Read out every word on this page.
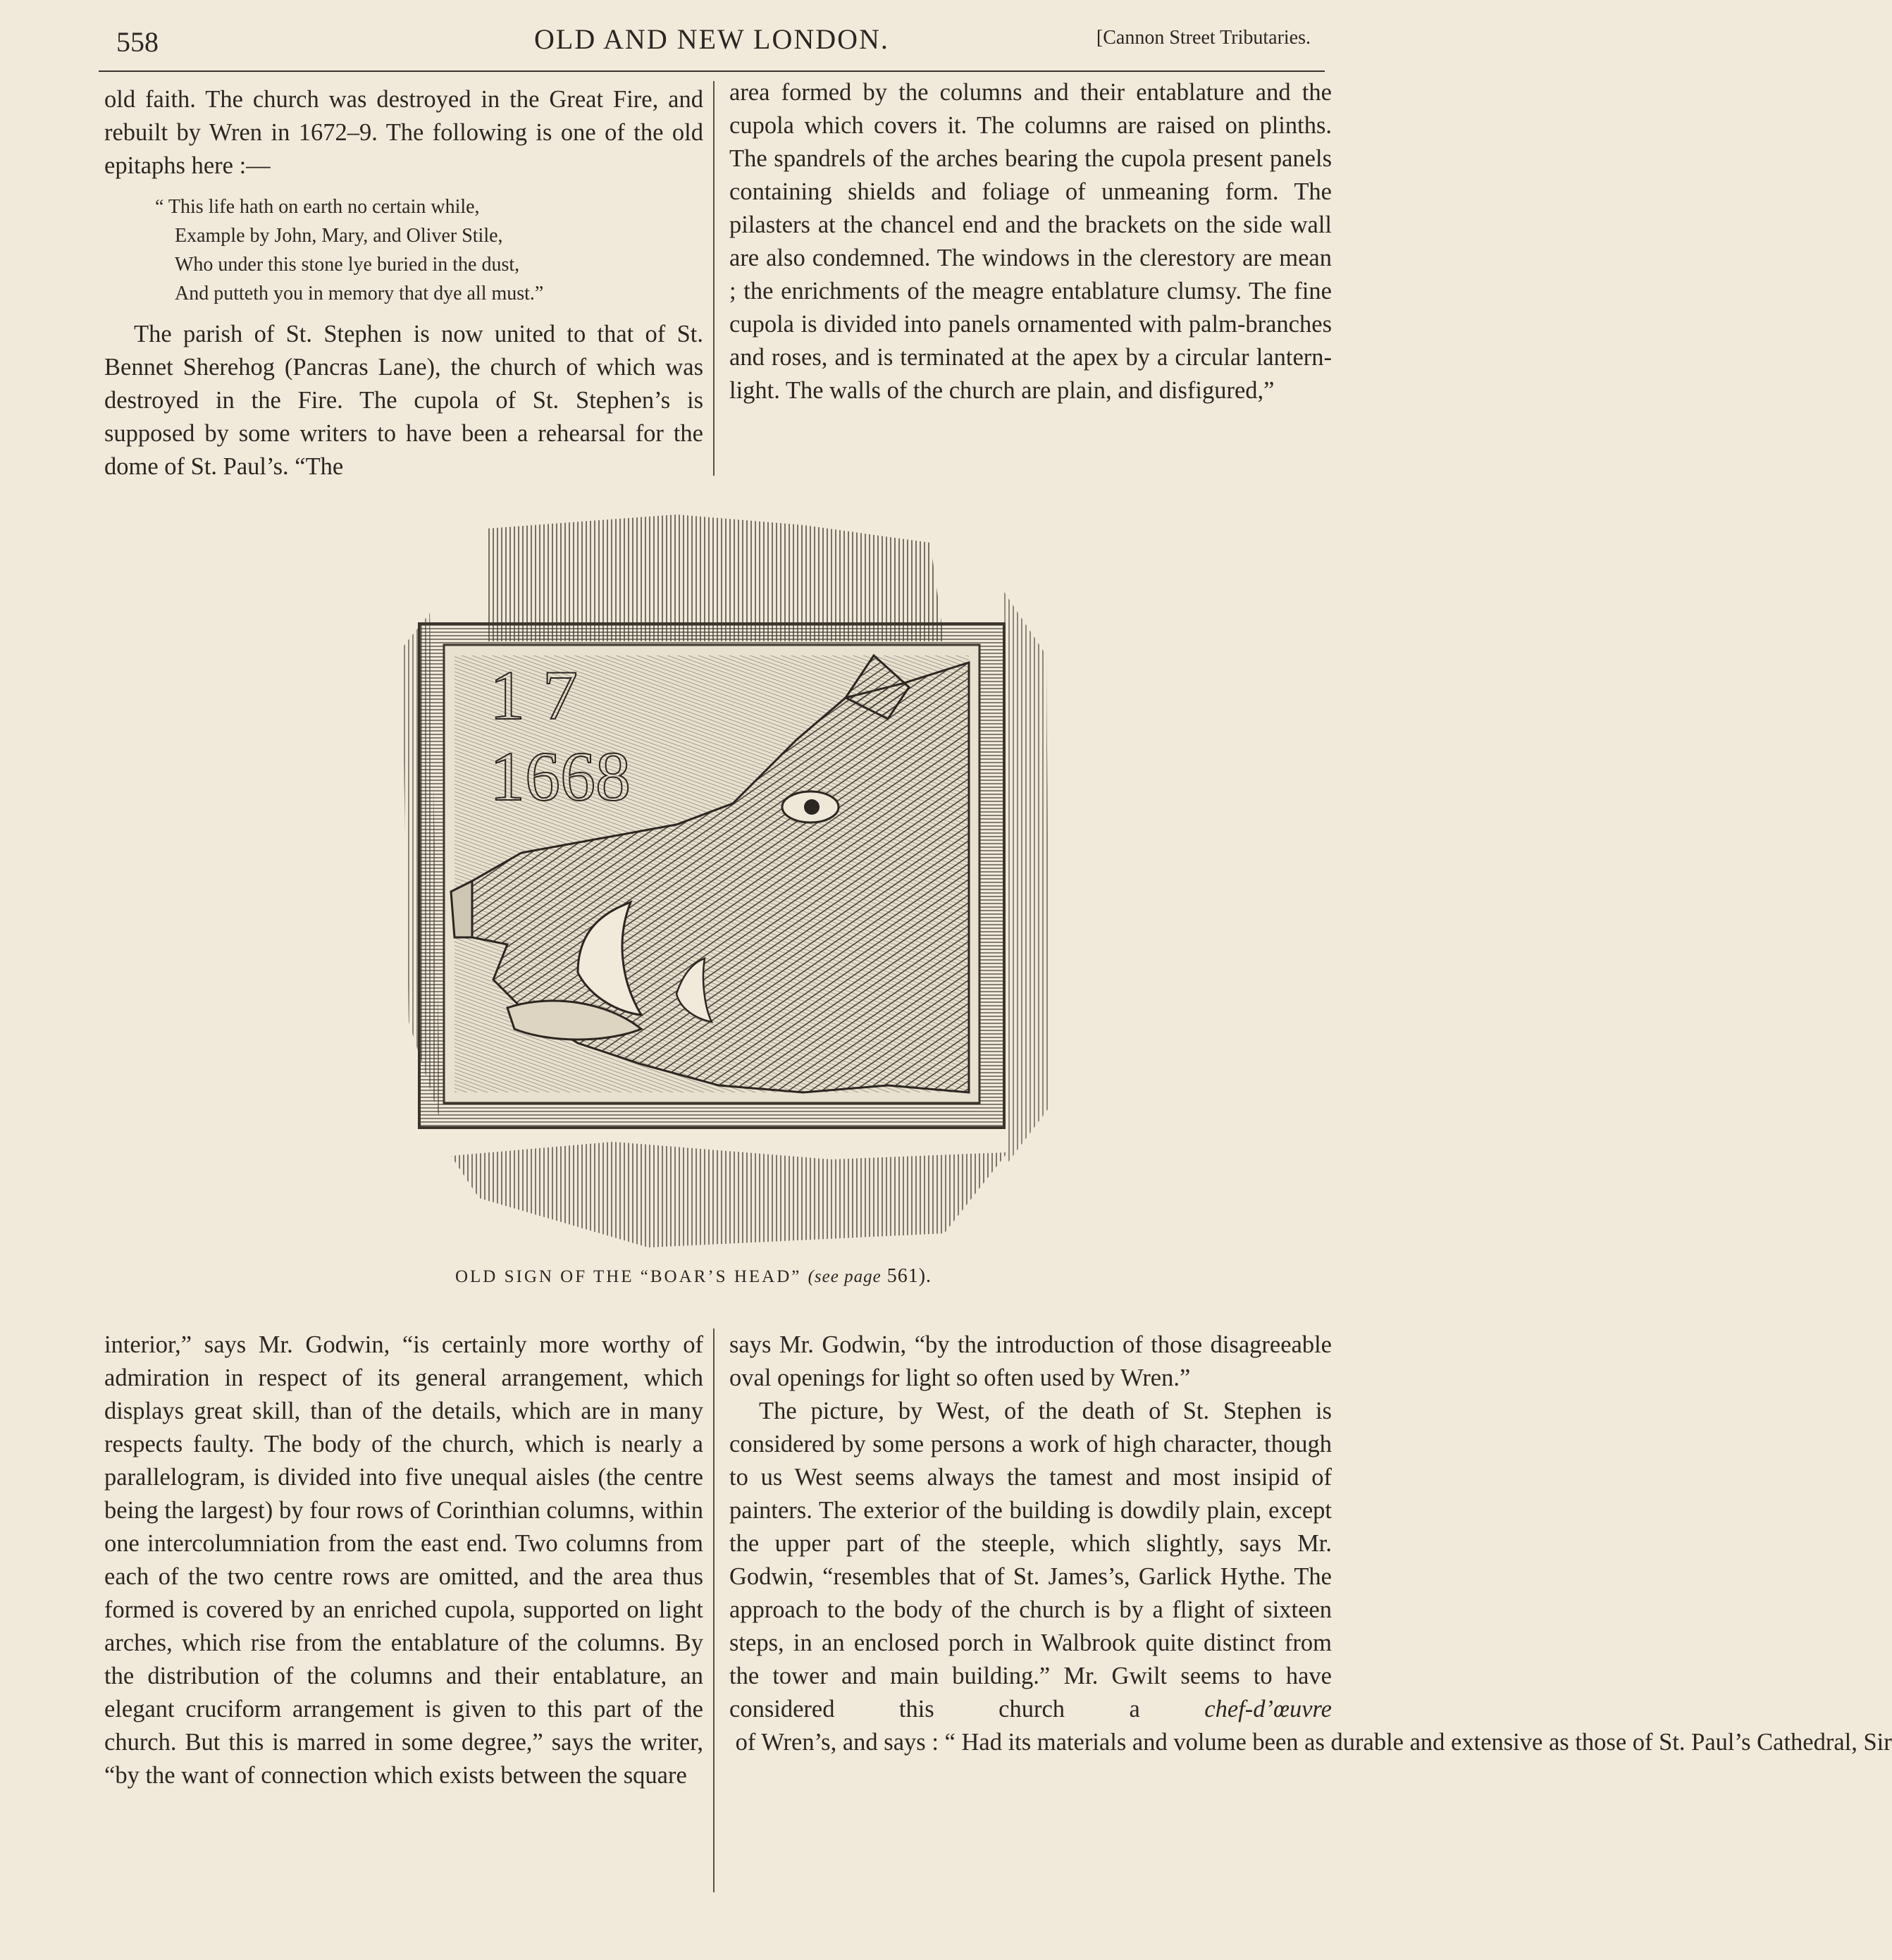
558	OLD AND NEW LONDON.	[Cannon Street Tributaries.

old faith. The church was destroyed in the Great Fire, and rebuilt by Wren in 1672–9. The following is one of the old epitaphs here :—

“ This life hath on earth no certain while,
Example by John, Mary, and Oliver Stile,
Who under this stone lye buried in the dust,
And putteth you in memory that dye all must.”

The parish of St. Stephen is now united to that of St. Bennet Sherehog (Pancras Lane), the church of which was destroyed in the Fire. The cupola of St. Stephen’s is supposed by some writers to have been a rehearsal for the dome of St. Paul’s. “The

area formed by the columns and their entablature and the cupola which covers it. The columns are raised on plinths. The spandrels of the arches bearing the cupola present panels containing shields and foliage of unmeaning form. The pilasters at the chancel end and the brackets on the side wall are also condemned. The windows in the clerestory are mean ; the enrichments of the meagre entablature clumsy. The fine cupola is divided into panels ornamented with palm-branches and roses, and is terminated at the apex by a circular lantern-light. The walls of the church are plain, and disfigured,”

1 7
1668
OLD SIGN OF THE “BOAR’S HEAD” (see page 561).

interior,” says Mr. Godwin, “is certainly more worthy of admiration in respect of its general arrangement, which displays great skill, than of the details, which are in many respects faulty. The body of the church, which is nearly a parallelogram, is divided into five unequal aisles (the centre being the largest) by four rows of Corinthian columns, within one intercolumniation from the east end. Two columns from each of the two centre rows are omitted, and the area thus formed is covered by an enriched cupola, supported on light arches, which rise from the entablature of the columns. By the distribution of the columns and their entablature, an elegant cruciform arrangement is given to this part of the church. But this is marred in some degree,” says the writer, “by the want of connection which exists between the square

says Mr. Godwin, “by the introduction of those disagreeable oval openings for light so often used by Wren.”

The picture, by West, of the death of St. Stephen is considered by some persons a work of high character, though to us West seems always the tamest and most insipid of painters. The exterior of the building is dowdily plain, except the upper part of the steeple, which slightly, says Mr. Godwin, “resembles that of St. James’s, Garlick Hythe. The approach to the body of the church is by a flight of sixteen steps, in an enclosed porch in Walbrook quite distinct from the tower and main building.” Mr. Gwilt seems to have considered this church a	chef-d’œuvre of Wren’s, and says : “ Had its materials and volume been as durable and extensive as those of St. Paul’s Cathedral, Sir
